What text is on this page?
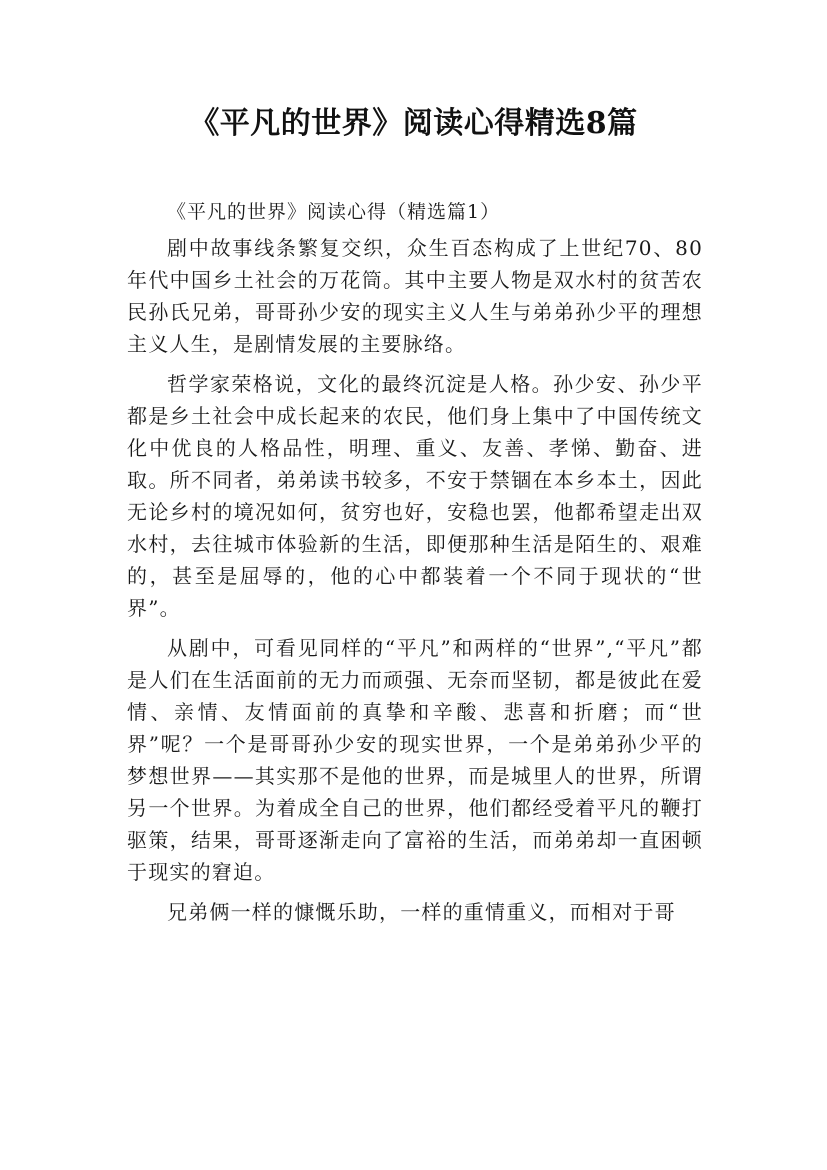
《平凡的世界》阅读心得精选8篇

《平凡的世界》阅读心得（精选篇1）

剧中故事线条繁复交织，众生百态构成了上世纪70、80年代中国乡土社会的万花筒。其中主要人物是双水村的贫苦农民孙氏兄弟，哥哥孙少安的现实主义人生与弟弟孙少平的理想主义人生，是剧情发展的主要脉络。

哲学家荣格说，文化的最终沉淀是人格。孙少安、孙少平都是乡土社会中成长起来的农民，他们身上集中了中国传统文化中优良的人格品性，明理、重义、友善、孝悌、勤奋、进取。所不同者，弟弟读书较多，不安于禁锢在本乡本土，因此无论乡村的境况如何，贫穷也好，安稳也罢，他都希望走出双水村，去往城市体验新的生活，即便那种生活是陌生的、艰难的，甚至是屈辱的，他的心中都装着一个不同于现状的“世界”。

从剧中，可看见同样的“平凡”和两样的“世界”,“平凡”都是人们在生活面前的无力而顽强、无奈而坚韧，都是彼此在爱情、亲情、友情面前的真挚和辛酸、悲喜和折磨；而“世界”呢？一个是哥哥孙少安的现实世界，一个是弟弟孙少平的梦想世界——其实那不是他的世界，而是城里人的世界，所谓另一个世界。为着成全自己的世界，他们都经受着平凡的鞭打驱策，结果，哥哥逐渐走向了富裕的生活，而弟弟却一直困顿于现实的窘迫。

兄弟俩一样的慷慨乐助，一样的重情重义，而相对于哥
